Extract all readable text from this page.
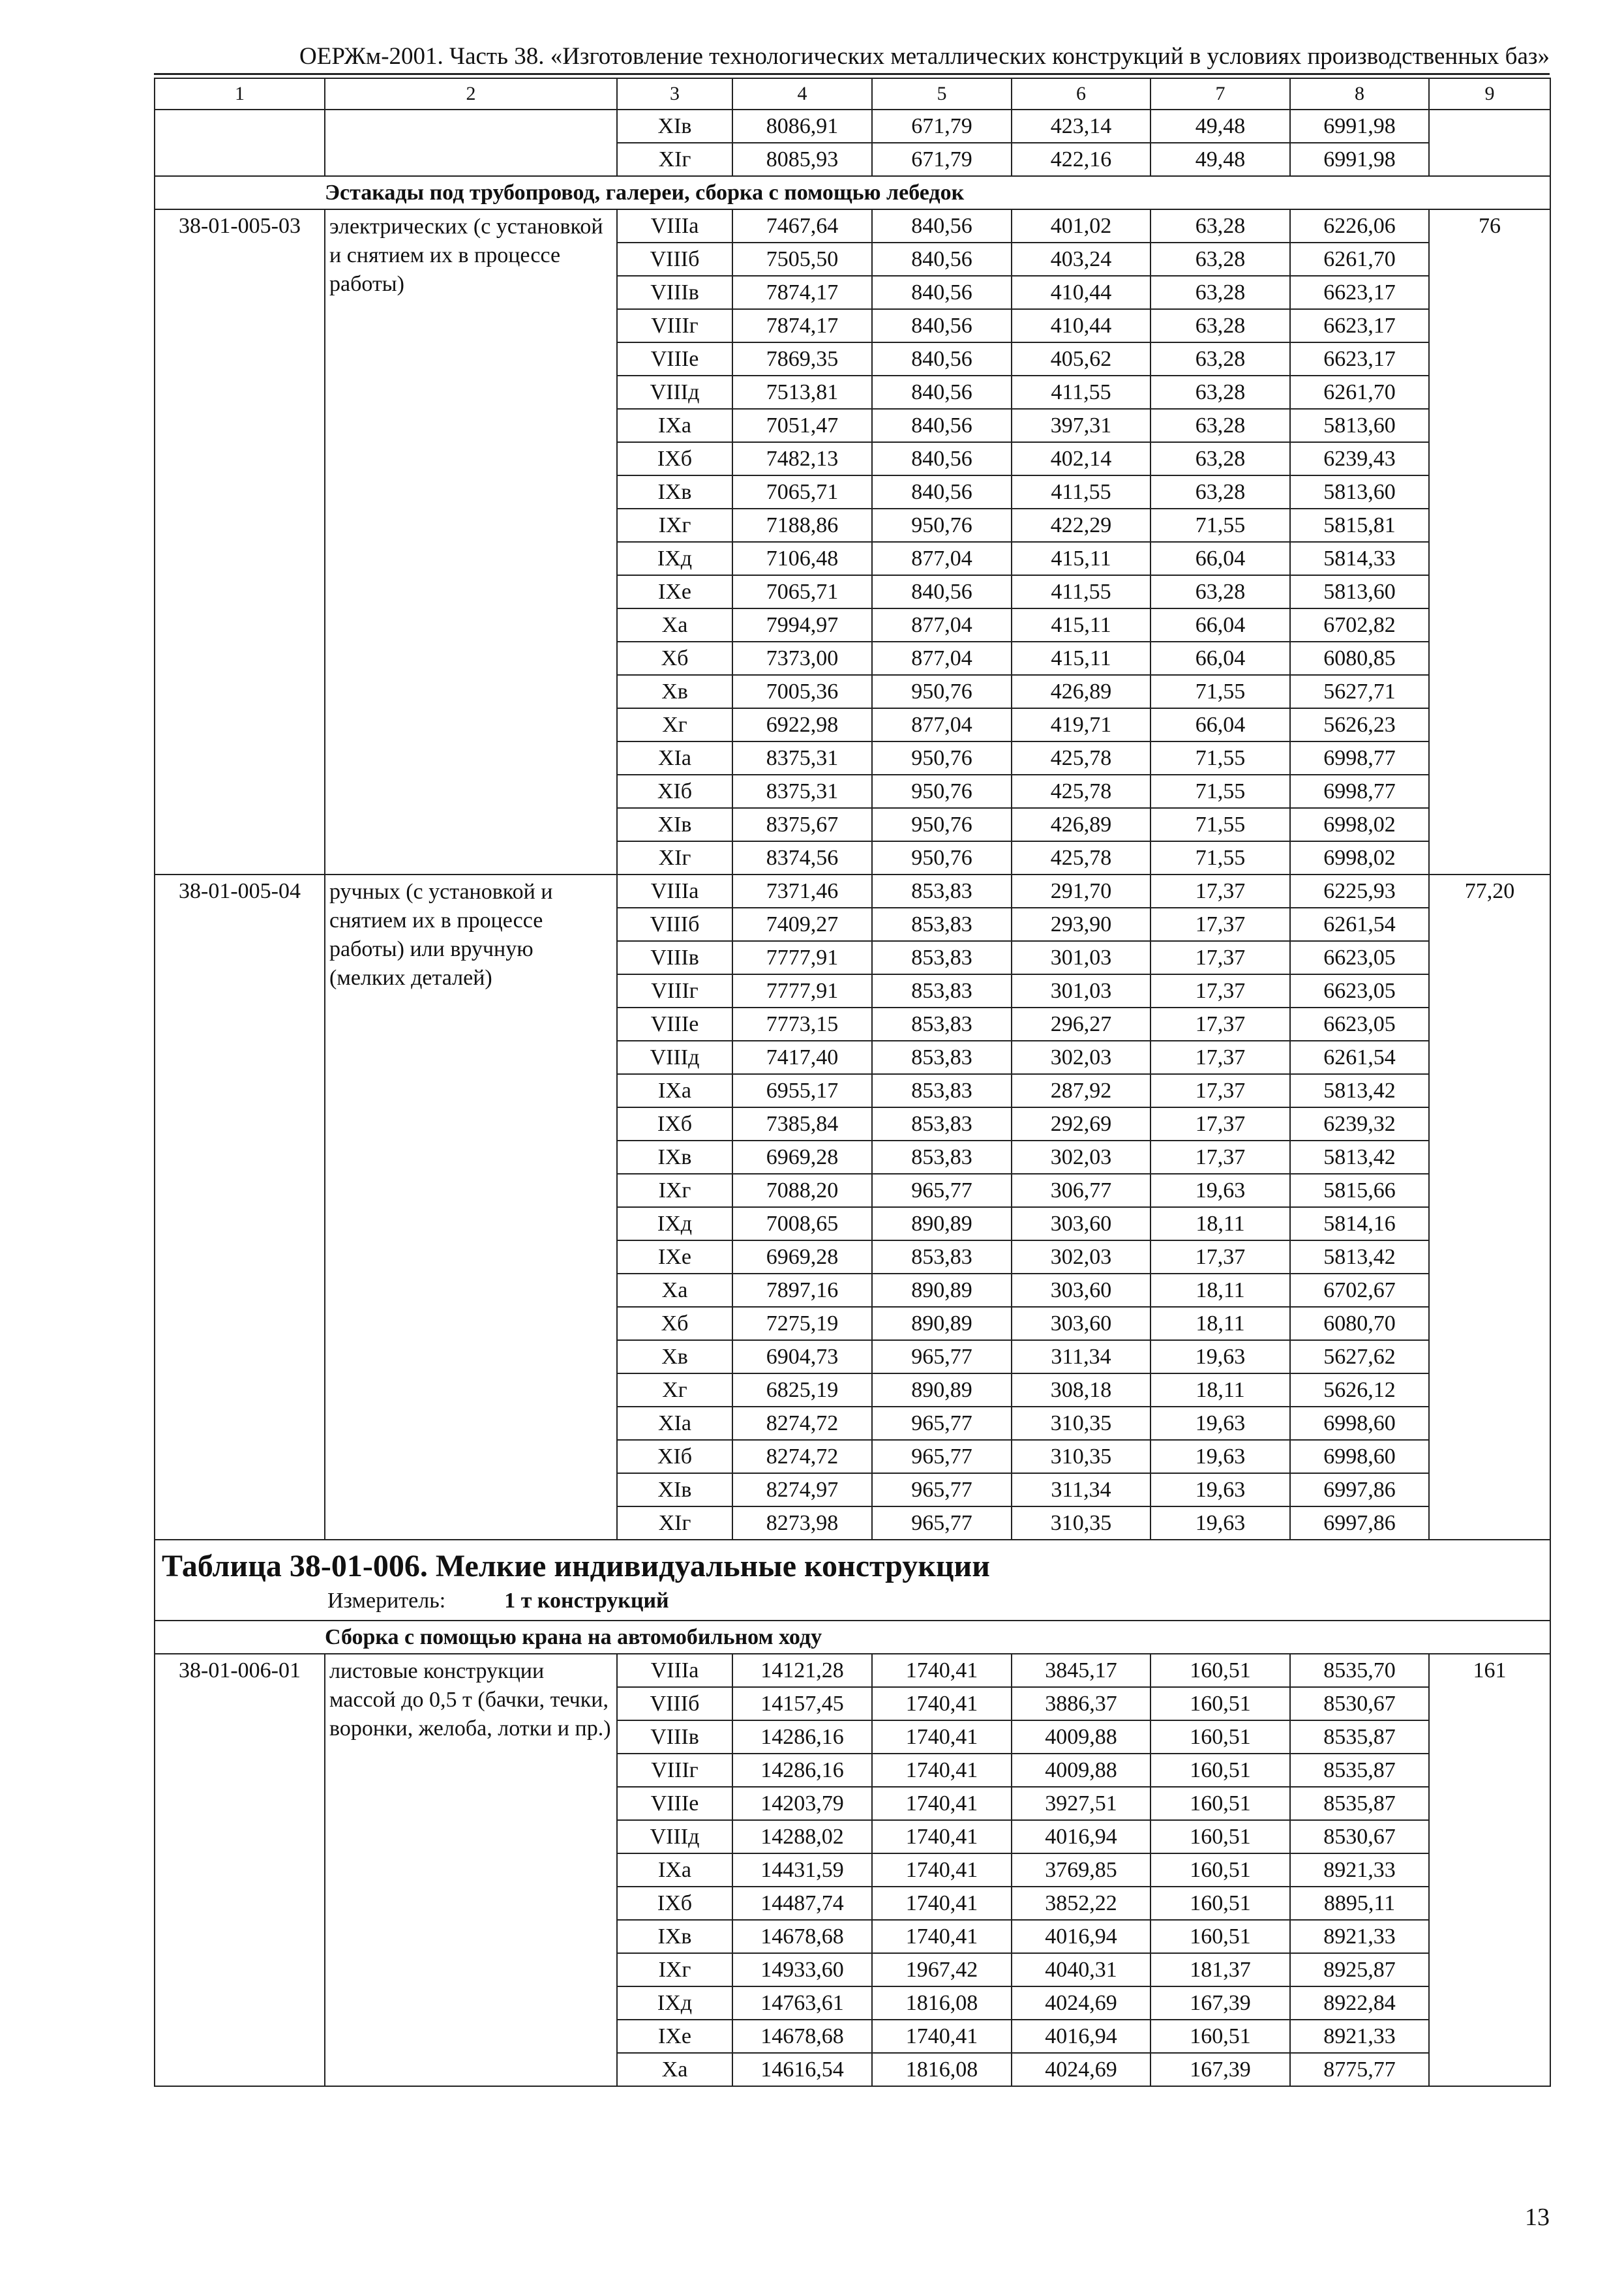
ОЕРЖм-2001. Часть 38. «Изготовление технологических металлических конструкций в условиях производственных баз»
1	2	3	4	5	6	7	8	9
		XIв	8086,91	671,79	423,14	49,48	6991,98	
		XIг	8085,93	671,79	422,16	49,48	6991,98	
Эстакады под трубопровод, галереи, сборка с помощью лебедок								
38-01-005-03	электрических (с установкой и снятием их в процессе работы)	VIIIа	7467,64	840,56	401,02	63,28	6226,06	76
		VIIIб	7505,50	840,56	403,24	63,28	6261,70	
		VIIIв	7874,17	840,56	410,44	63,28	6623,17	
		VIIIг	7874,17	840,56	410,44	63,28	6623,17	
		VIIIе	7869,35	840,56	405,62	63,28	6623,17	
		VIIIд	7513,81	840,56	411,55	63,28	6261,70	
		IXа	7051,47	840,56	397,31	63,28	5813,60	
		IXб	7482,13	840,56	402,14	63,28	6239,43	
		IXв	7065,71	840,56	411,55	63,28	5813,60	
		IXг	7188,86	950,76	422,29	71,55	5815,81	
		IXд	7106,48	877,04	415,11	66,04	5814,33	
		IXе	7065,71	840,56	411,55	63,28	5813,60	
		Xа	7994,97	877,04	415,11	66,04	6702,82	
		Xб	7373,00	877,04	415,11	66,04	6080,85	
		Xв	7005,36	950,76	426,89	71,55	5627,71	
		Xг	6922,98	877,04	419,71	66,04	5626,23	
		XIа	8375,31	950,76	425,78	71,55	6998,77	
		XIб	8375,31	950,76	425,78	71,55	6998,77	
		XIв	8375,67	950,76	426,89	71,55	6998,02	
		XIг	8374,56	950,76	425,78	71,55	6998,02	
38-01-005-04	ручных (с установкой и снятием их в процессе работы) или вручную (мелких деталей)	VIIIа	7371,46	853,83	291,70	17,37	6225,93	77,20
		VIIIб	7409,27	853,83	293,90	17,37	6261,54	
		VIIIв	7777,91	853,83	301,03	17,37	6623,05	
		VIIIг	7777,91	853,83	301,03	17,37	6623,05	
		VIIIе	7773,15	853,83	296,27	17,37	6623,05	
		VIIIд	7417,40	853,83	302,03	17,37	6261,54	
		IXа	6955,17	853,83	287,92	17,37	5813,42	
		IXб	7385,84	853,83	292,69	17,37	6239,32	
		IXв	6969,28	853,83	302,03	17,37	5813,42	
		IXг	7088,20	965,77	306,77	19,63	5815,66	
		IXд	7008,65	890,89	303,60	18,11	5814,16	
		IXе	6969,28	853,83	302,03	17,37	5813,42	
		Xа	7897,16	890,89	303,60	18,11	6702,67	
		Xб	7275,19	890,89	303,60	18,11	6080,70	
		Xв	6904,73	965,77	311,34	19,63	5627,62	
		Xг	6825,19	890,89	308,18	18,11	5626,12	
		XIа	8274,72	965,77	310,35	19,63	6998,60	
		XIб	8274,72	965,77	310,35	19,63	6998,60	
		XIв	8274,97	965,77	311,34	19,63	6997,86	
		XIг	8273,98	965,77	310,35	19,63	6997,86	

Таблица 38-01-006. Мелкие индивидуальные конструкции
Измеритель: 1 т конструкций								

Сборка с помощью крана на автомобильном ходу								
38-01-006-01	листовые конструкции массой до 0,5 т (бачки, течки, воронки, желоба, лотки и пр.)	VIIIа	14121,28	1740,41	3845,17	160,51	8535,70	161
		VIIIб	14157,45	1740,41	3886,37	160,51	8530,67	
		VIIIв	14286,16	1740,41	4009,88	160,51	8535,87	
		VIIIг	14286,16	1740,41	4009,88	160,51	8535,87	
		VIIIе	14203,79	1740,41	3927,51	160,51	8535,87	
		VIIIд	14288,02	1740,41	4016,94	160,51	8530,67	
		IXа	14431,59	1740,41	3769,85	160,51	8921,33	
		IXб	14487,74	1740,41	3852,22	160,51	8895,11	
		IXв	14678,68	1740,41	4016,94	160,51	8921,33	
		IXг	14933,60	1967,42	4040,31	181,37	8925,87	
		IXд	14763,61	1816,08	4024,69	167,39	8922,84	
		IXе	14678,68	1740,41	4016,94	160,51	8921,33	
		Xа	14616,54	1816,08	4024,69	167,39	8775,77	
13
